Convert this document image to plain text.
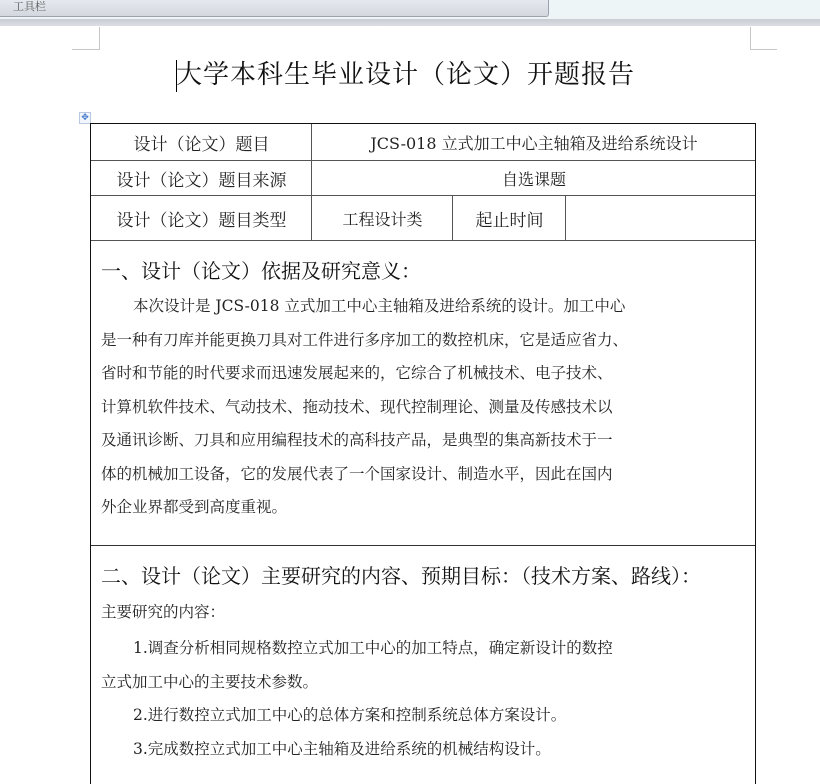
工具栏
大学本科生毕业设计（论文）开题报告
✥
设计（论文）题目	JCS-018 立式加工中心主轴箱及进给系统设计
设计（论文）题目来源	自选课题
设计（论文）题目类型	工程设计类	起止时间
一、设计（论文）依据及研究意义：
本次设计是 JCS-018 立式加工中心主轴箱及进给系统的设计。加工中心
是一种有刀库并能更换刀具对工件进行多序加工的数控机床，它是适应省力、
省时和节能的时代要求而迅速发展起来的，它综合了机械技术、电子技术、
计算机软件技术、气动技术、拖动技术、现代控制理论、测量及传感技术以
及通讯诊断、刀具和应用编程技术的高科技产品，是典型的集高新技术于一
体的机械加工设备，它的发展代表了一个国家设计、制造水平，因此在国内
外企业界都受到高度重视。
二、设计（论文）主要研究的内容、预期目标：（技术方案、路线）：
主要研究的内容：
1.调查分析相同规格数控立式加工中心的加工特点，确定新设计的数控
立式加工中心的主要技术参数。
2.进行数控立式加工中心的总体方案和控制系统总体方案设计。
3.完成数控立式加工中心主轴箱及进给系统的机械结构设计。
